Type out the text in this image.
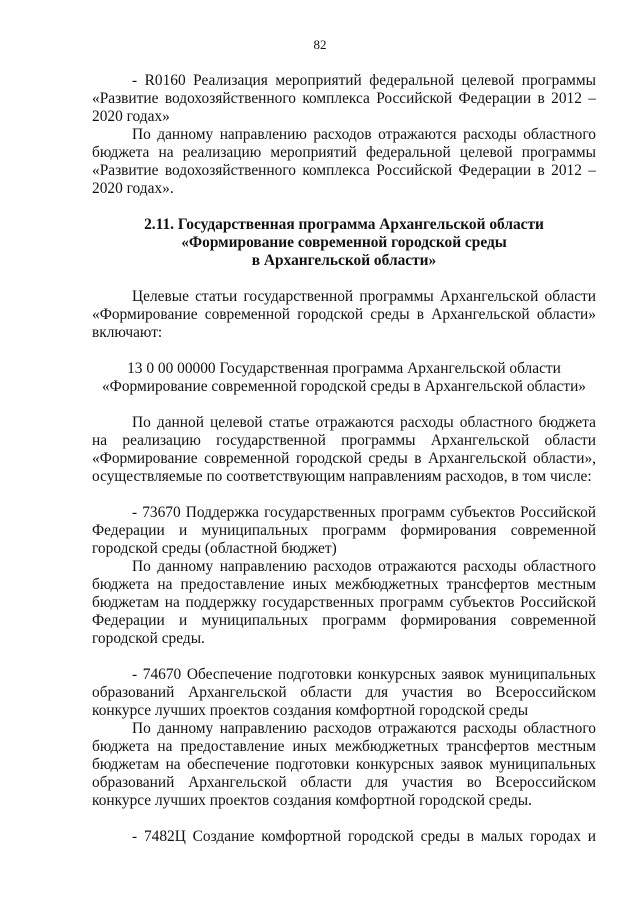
82

- R0160 Реализация мероприятий федеральной целевой программы «Развитие водохозяйственного комплекса Российской Федерации в 2012 – 2020 годах»

По данному направлению расходов отражаются расходы областного бюджета на реализацию мероприятий федеральной целевой программы «Развитие водохозяйственного комплекса Российской Федерации в 2012 – 2020 годах».

2.11. Государственная программа Архангельской области
«Формирование современной городской среды
в Архангельской области»

Целевые статьи государственной программы Архангельской области «Формирование современной городской среды в Архангельской области» включают:

13 0 00 00000 Государственная программа Архангельской области
«Формирование современной городской среды в Архангельской области»

По данной целевой статье отражаются расходы областного бюджета на реализацию государственной программы Архангельской области «Формирование современной городской среды в Архангельской области», осуществляемые по соответствующим направлениям расходов, в том числе:

- 73670 Поддержка государственных программ субъектов Российской Федерации и муниципальных программ формирования современной городской среды (областной бюджет)

По данному направлению расходов отражаются расходы областного бюджета на предоставление иных межбюджетных трансфертов местным бюджетам на поддержку государственных программ субъектов Российской Федерации и муниципальных программ формирования современной городской среды.

- 74670 Обеспечение подготовки конкурсных заявок муниципальных образований Архангельской области для участия во Всероссийском конкурсе лучших проектов создания комфортной городской среды

По данному направлению расходов отражаются расходы областного бюджета на предоставление иных межбюджетных трансфертов местным бюджетам на обеспечение подготовки конкурсных заявок муниципальных образований Архангельской области для участия во Всероссийском конкурсе лучших проектов создания комфортной городской среды.

- 7482Ц Создание комфортной городской среды в малых городах и
